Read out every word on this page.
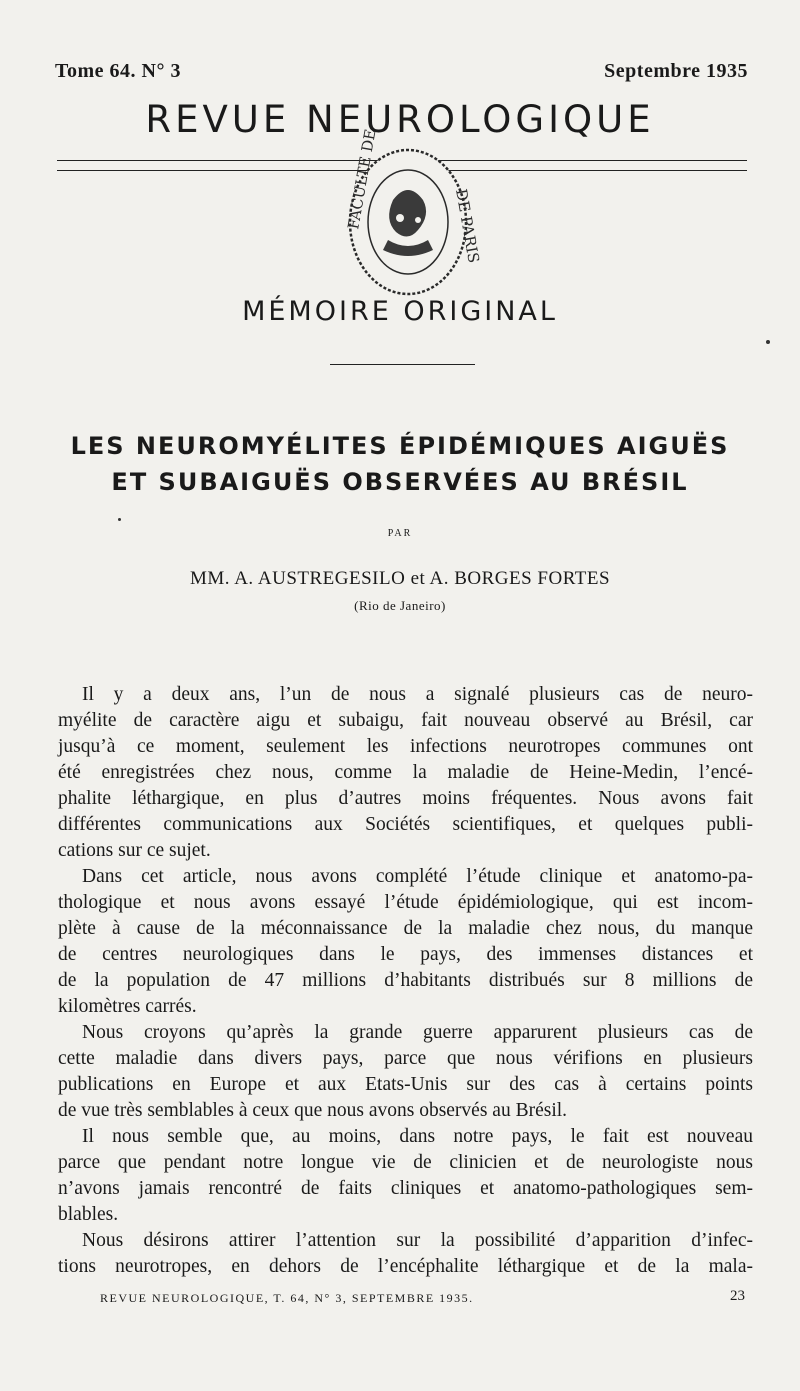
Tome 64. N° 3	Septembre 1935
REVUE NEUROLOGIQUE
FACULTE DE	DE PARIS
MÉMOIRE ORIGINAL
LES NEUROMYÉLITES ÉPIDÉMIQUES AIGUËS
ET SUBAIGUËS OBSERVÉES AU BRÉSIL
PAR
MM. A. AUSTREGESILO et A. BORGES FORTES
(Rio de Janeiro)
Il y a deux ans, l’un de nous a signalé plusieurs cas de neuro-
myélite de caractère aigu et subaigu, fait nouveau observé au Brésil, car
jusqu’à ce moment, seulement les infections neurotropes communes ont
été enregistrées chez nous, comme la maladie de Heine-Medin, l’encé-
phalite léthargique, en plus d’autres moins fréquentes. Nous avons fait
différentes communications aux Sociétés scientifiques, et quelques publi-
cations sur ce sujet.
Dans cet article, nous avons complété l’étude clinique et anatomo-pa-
thologique et nous avons essayé l’étude épidémiologique, qui est incom-
plète à cause de la méconnaissance de la maladie chez nous, du manque
de centres neurologiques dans le pays, des immenses distances et
de la population de 47 millions d’habitants distribués sur 8 millions de
kilomètres carrés.
Nous croyons qu’après la grande guerre apparurent plusieurs cas de
cette maladie dans divers pays, parce que nous vérifions en plusieurs
publications en Europe et aux Etats-Unis sur des cas à certains points
de vue très semblables à ceux que nous avons observés au Brésil.
Il nous semble que, au moins, dans notre pays, le fait est nouveau
parce que pendant notre longue vie de clinicien et de neurologiste nous
n’avons jamais rencontré de faits cliniques et anatomo-pathologiques sem-
blables.
Nous désirons attirer l’attention sur la possibilité d’apparition d’infec-
tions neurotropes, en dehors de l’encéphalite léthargique et de la mala-
REVUE NEUROLOGIQUE, T. 64, N° 3, SEPTEMBRE 1935.	23
